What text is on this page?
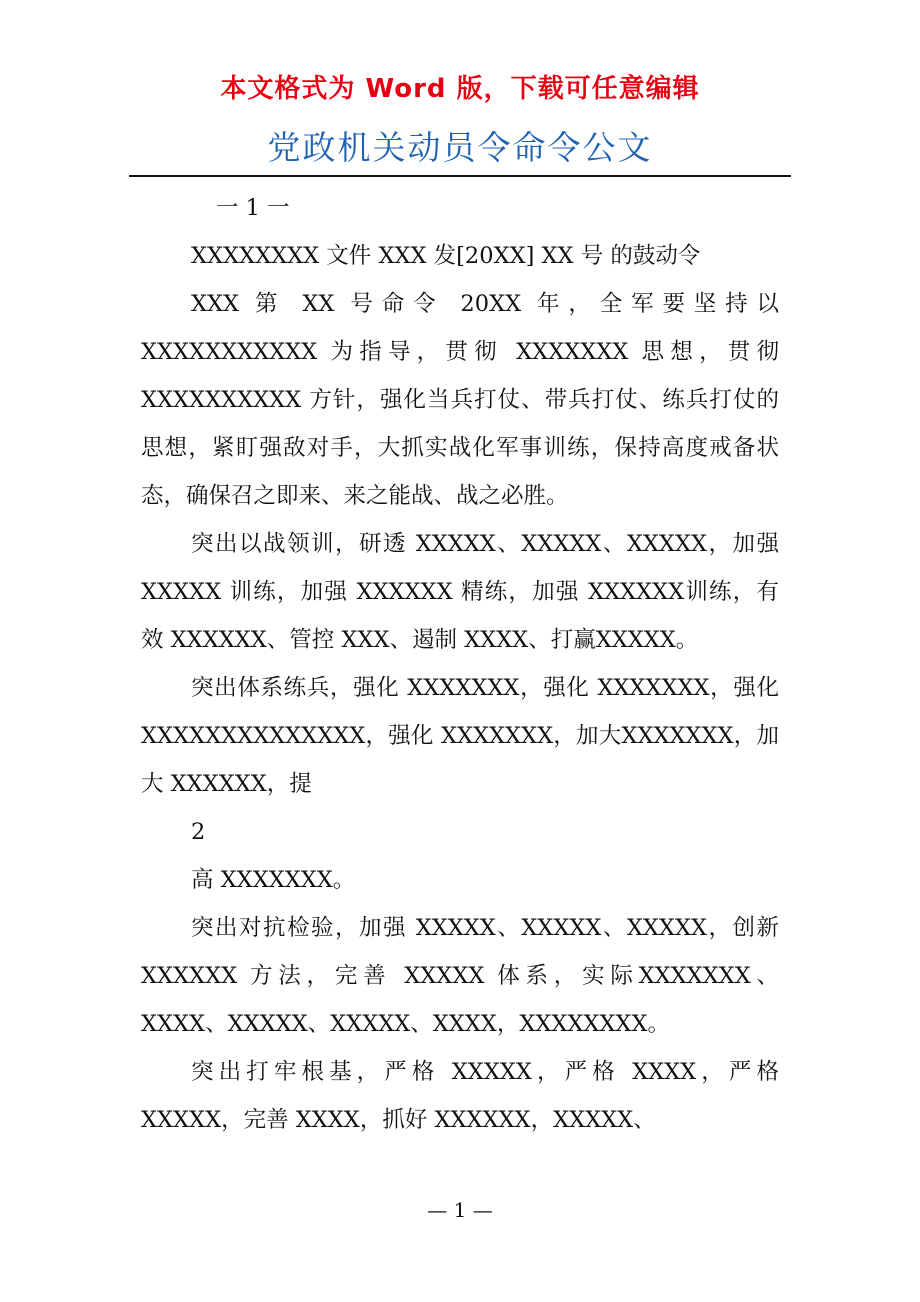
本文格式为 Word 版，下载可任意编辑
党政机关动员令命令公文

一 1 一

XXXXXXXX 文件 XXX 发[20XX] XX 号 的鼓动令

XXX 第 XX 号命令 20XX 年，全军要坚持以XXXXXXXXXXX 为指导，贯彻 XXXXXXX 思想，贯彻XXXXXXXXXX 方针，强化当兵打仗、带兵打仗、练兵打仗的思想，紧盯强敌对手，大抓实战化军事训练，保持高度戒备状态，确保召之即来、来之能战、战之必胜。

突出以战领训，研透 XXXXX、XXXXX、XXXXX，加强 XXXXX 训练，加强 XXXXXX 精练，加强 XXXXXX训练，有效 XXXXXX、管控 XXX、遏制 XXXX、打赢XXXXX。

突出体系练兵，强化 XXXXXXX，强化 XXXXXXX，强化 XXXXXXXXXXXXXX，强化 XXXXXXX，加大XXXXXXX，加大 XXXXXX，提

2

高 XXXXXXX。

突出对抗检验，加强 XXXXX、XXXXX、XXXXX，创新 XXXXXX 方法，完善 XXXXX 体系，实际XXXXXXX、XXXX、XXXXX、XXXXX、XXXX，XXXXXXXX。

突出打牢根基，严格 XXXXX，严格 XXXX，严格XXXXX，完善 XXXX，抓好 XXXXXX，XXXXX、

— 1 —
